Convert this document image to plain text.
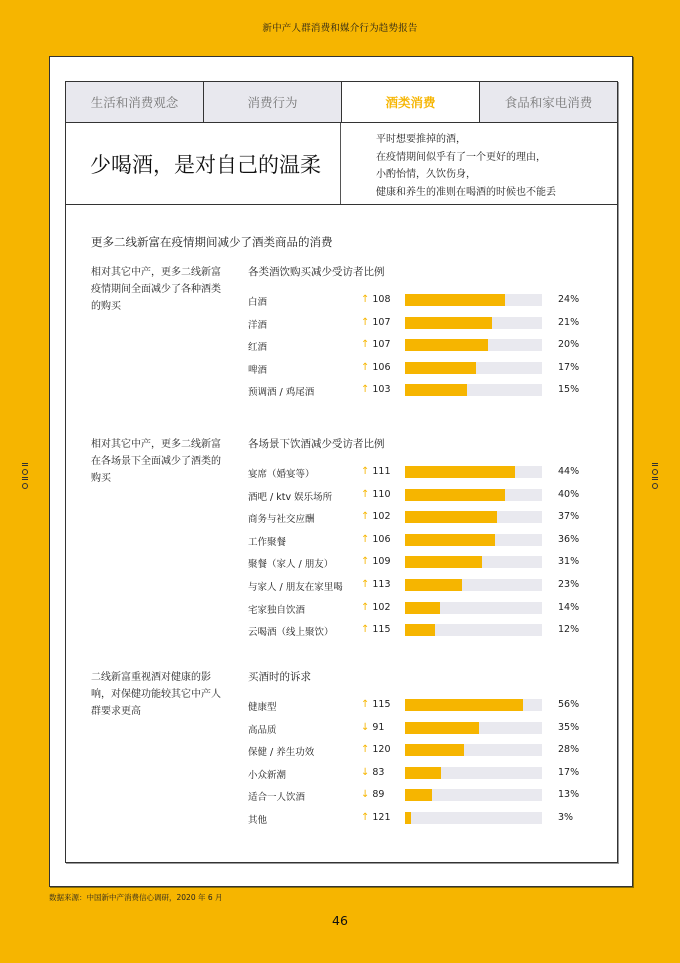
新中产人群消费和媒介行为趋势报告
生活和消费观念	消费行为	酒类消费	食品和家电消费
少喝酒，是对自己的温柔
平时想要推掉的酒，
在疫情期间似乎有了一个更好的理由，
小酌怡情，久饮伤身，
健康和养生的准则在喝酒的时候也不能丢
更多二线新富在疫情期间减少了酒类商品的消费
相对其它中产，更多二线新富疫情期间全面减少了各种酒类的购买
各类酒饮购买减少受访者比例
白酒	↑ 108	24%
洋酒	↑ 107	21%
红酒	↑ 107	20%
啤酒	↑ 106	17%
预调酒 / 鸡尾酒	↑ 103	15%
相对其它中产，更多二线新富在各场景下全面减少了酒类的购买
各场景下饮酒减少受访者比例
宴席（婚宴等）	↑ 111	44%
酒吧 / ktv 娱乐场所	↑ 110	40%
商务与社交应酬	↑ 102	37%
工作聚餐	↑ 106	36%
聚餐（家人 / 朋友）	↑ 109	31%
与家人 / 朋友在家里喝 ↑ 113	23%
宅家独自饮酒	↑ 102	14%
云喝酒（线上聚饮）	↑ 115	12%
二线新富重视酒对健康的影响，对保健功能较其它中产人群要求更高
买酒时的诉求
健康型	↑ 115	56%
高品质	↓ 91	35%
保健 / 养生功效	↑ 120	28%
小众新潮	↓ 83	17%
适合一人饮酒	↓ 89	13%
其他	↑ 121	3%
数据来源：中国新中产消费信心调研，2020 年 6 月
46
